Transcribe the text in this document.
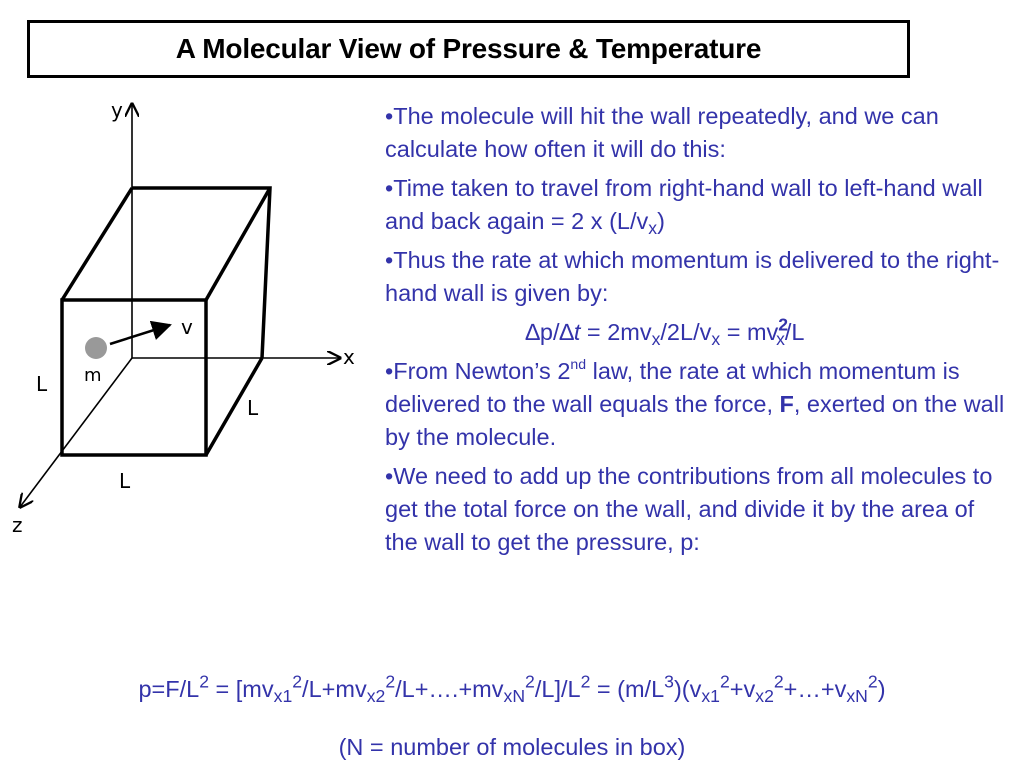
A Molecular View of Pressure & Temperature
y
x
z
v
m
L
L
L

•The molecule will hit the wall repeatedly, and we can calculate how often it will do this:

•Time taken to travel from right-hand wall to left-hand wall and back again = 2 x $(L/v_x)$

•Thus the rate at which momentum is delivered to the right-hand wall is given by:

$\Delta p/\Delta t = 2mv_x/2L/v_x = mv^2_x/L$

•From Newton’s 2nd law, the rate at which momentum is delivered to the wall equals the force, F, exerted on the wall by the molecule.

•We need to add up the contributions from all molecules to get the total force on the wall, and divide it by the area of the wall to get the pressure, p:

$p=F/L^2$ = $[mv_{x1}^2/L+mv_{x2}^2/L+\dots.+mv_{xN}^2/L]/L^2$ = $(m/L^3)(v_{x1}^2+v_{x2}^2+\dots+v_{xN}^2)$
(N = number of molecules in box)
